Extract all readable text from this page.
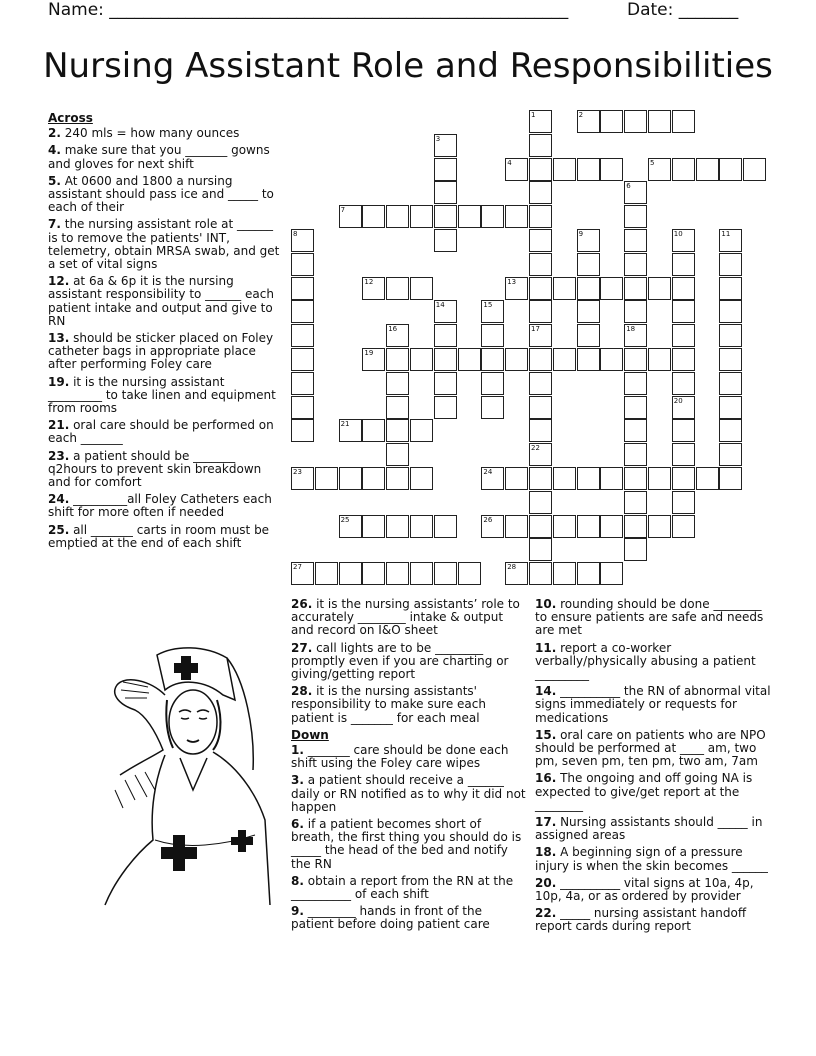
Name: ______________________________________________________	Date: _______
Nursing Assistant Role and Responsibilities
2
4	5
7
12	13
19
21
23	24
25	26
27	28
1
17
22
3
6
18
8	9	10
20
11
14	15
16
Across
2. 240 mls = how many ounces
4. make sure that you _______ gowns and gloves for next shift
5. At 0600 and 1800 a nursing assistant should pass ice and _____ to each of their
7. the nursing assistant role at ______ is to remove the patients' INT, telemetry, obtain MRSA swab, and get a set of vital signs
12. at 6a & 6p it is the nursing assistant responsibility to ______ each patient intake and output and give to RN
13. should be sticker placed on Foley catheter bags in appropriate place after performing Foley care
19. it is the nursing assistant _________ to take linen and equipment from rooms
21. oral care should be performed on each _______
23. a patient should be _______ q2hours to prevent skin breakdown and for comfort
24. _________all Foley Catheters each shift for more often if needed
25. all _______ carts in room must be emptied at the end of each shift
26. it is the nursing assistants’ role to accurately ________ intake & output and record on I&O sheet
27. call lights are to be ________ promptly even if you are charting or giving/getting report
28. it is the nursing assistants' responsibility to make sure each patient is _______ for each meal
Down
1. _______ care should be done each shift using the Foley care wipes
3. a patient should receive a ______ daily or RN notified as to why it did not happen
6. if a patient becomes short of breath, the first thing you should do is _____ the head of the bed and notify the RN
8. obtain a report from the RN at the __________ of each shift
9. ________ hands in front of the patient before doing patient care
10. rounding should be done ________ to ensure patients are safe and needs are met
11. report a co-worker verbally/physically abusing a patient _________
14. __________ the RN of abnormal vital signs immediately or requests for medications
15. oral care on patients who are NPO should be performed at ____ am, two pm, seven pm, ten pm, two am, 7am
16. The ongoing and off going NA is expected to give/get report at the ________
17. Nursing assistants should _____ in assigned areas
18. A beginning sign of a pressure injury is when the skin becomes ______
20. __________ vital signs at 10a, 4p, 10p, 4a, or as ordered by provider
22. _____ nursing assistant handoff report cards during report
